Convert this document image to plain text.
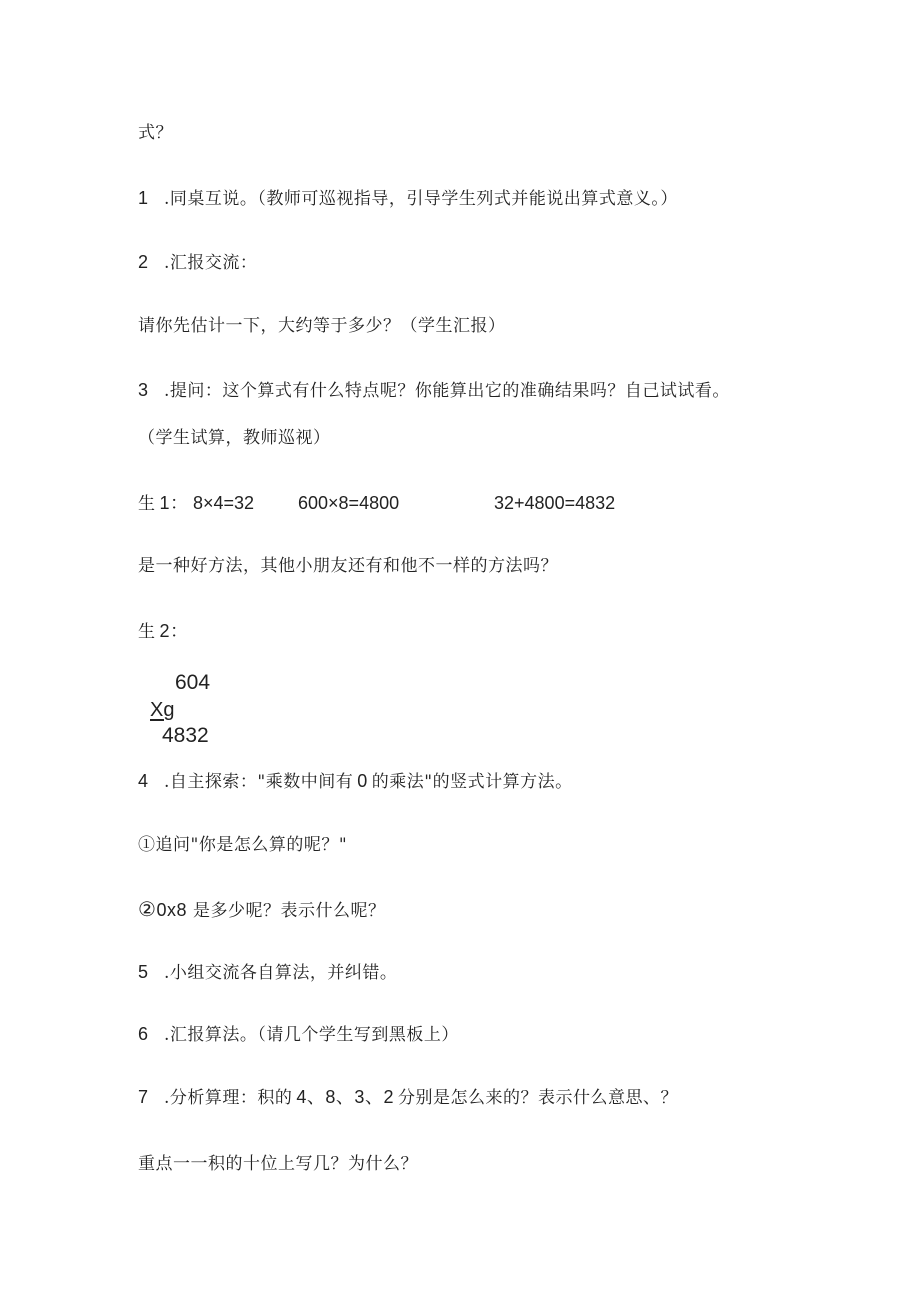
式？
1 .同桌互说。（教师可巡视指导，引导学生列式并能说出算式意义。）
2 .汇报交流：
请你先估计一下，大约等于多少？（学生汇报）
3 .提问：这个算式有什么特点呢？你能算出它的准确结果吗？自己试试看。
（学生试算，教师巡视）
生 1： 8×4=32 600×8=4800	32+4800=4832
是一种好方法，其他小朋友还有和他不一样的方法吗？
生 2：
604
Xg
4832
4 .自主探索："乘数中间有 0 的乘法"的竖式计算方法。
①追问"你是怎么算的呢？"
②0x8 是多少呢？表示什么呢？
5 .小组交流各自算法，并纠错。
6 .汇报算法。（请几个学生写到黑板上）
7 .分析算理：积的 4、8、3、2 分别是怎么来的？表示什么意思、？
重点一一积的十位上写几？为什么？
